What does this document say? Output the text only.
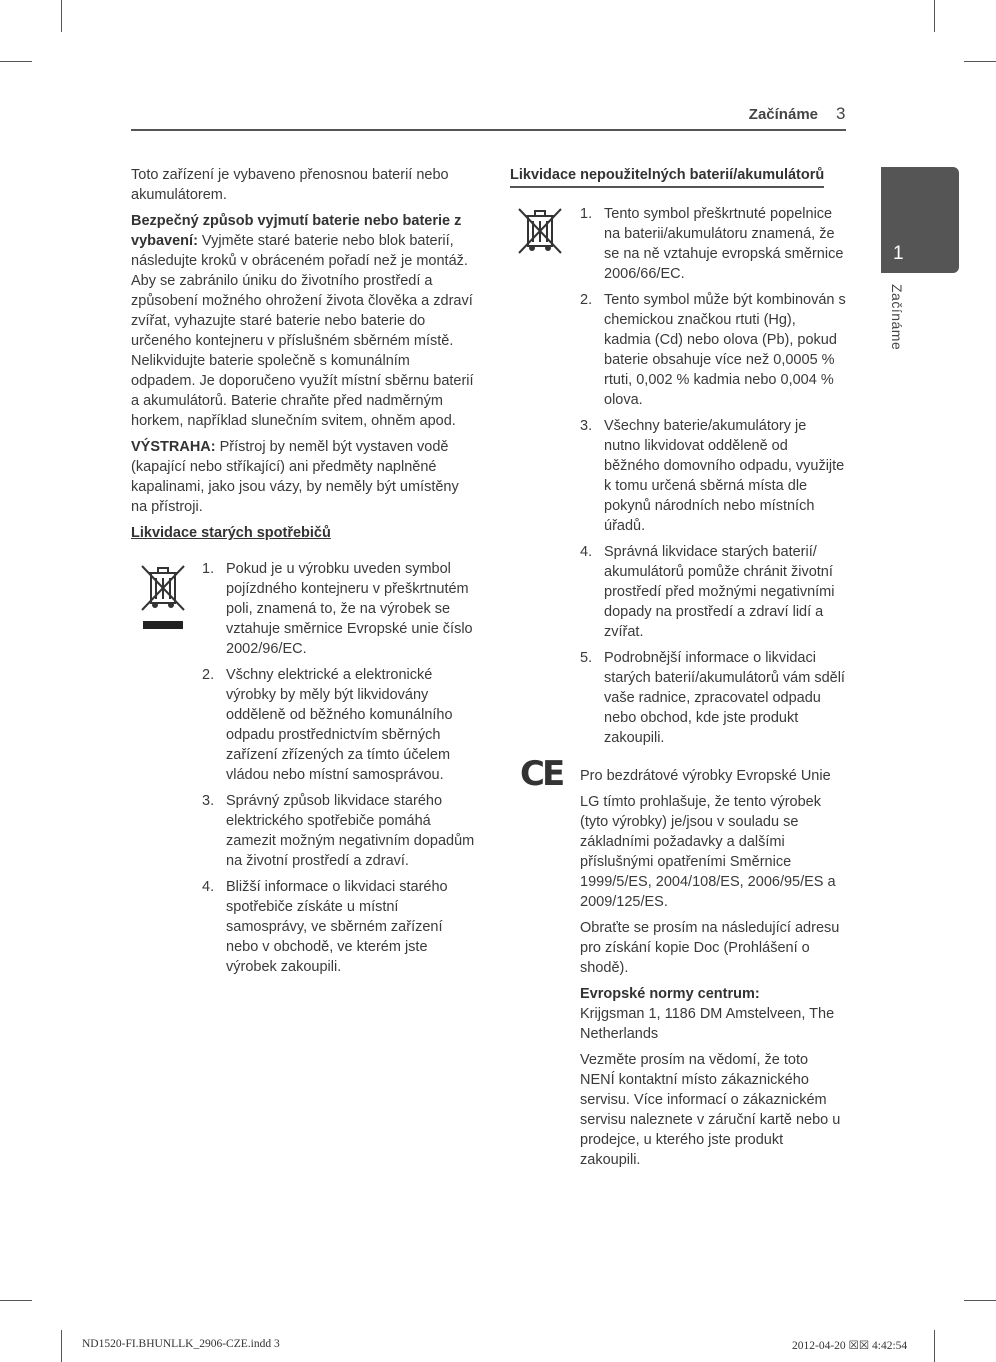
Začínáme 3
1
Začínáme

Toto zařízení je vybaveno přenosnou baterií nebo akumulátorem.

Bezpečný způsob vyjmutí baterie nebo baterie z vybavení: Vyjměte staré baterie nebo blok baterií, následujte kroků v obráceném pořadí než je montáž. Aby se zabránilo úniku do životního prostředí a způsobení možného ohrožení života člověka a zdraví zvířat, vyhazujte staré baterie nebo baterie do určeného kontejneru v příslušném sběrném místě. Nelikvidujte baterie společně s komunálním odpadem. Je doporučeno využít místní sběrnu baterií a akumulátorů. Baterie chraňte před nadměrným horkem, například slunečním svitem, ohněm apod.

VÝSTRAHA: Přístroj by neměl být vystaven vodě (kapající nebo stříkající) ani předměty naplněné kapalinami, jako jsou vázy, by neměly být umístěny na přístroji.

Likvidace starých spotřebičů
1. Pokud je u výrobku uveden symbol pojízdného kontejneru v přeškrtnutém poli, znamená to, že na výrobek se vztahuje směrnice Evropské unie číslo 2002/96/EC.
2. Všchny elektrické a elektronické výrobky by měly být likvidovány odděleně od běžného komunálního odpadu prostřednictvím sběrných zařízení zřízených za tímto účelem vládou nebo místní samosprávou.
3. Správný způsob likvidace starého elektrického spotřebiče pomáhá zamezit možným negativním dopadům na životní prostředí a zdraví.
4. Bližší informace o likvidaci starého spotřebiče získáte u místní samosprávy, ve sběrném zařízení nebo v obchodě, ve kterém jste výrobek zakoupili.
Likvidace nepoužitelných baterií/akumulátorů
1. Tento symbol přeškrtnuté popelnice na baterii/akumulátoru znamená, že se na ně vztahuje evropská směrnice 2006/66/EC.
2. Tento symbol může být kombinován s chemickou značkou rtuti (Hg), kadmia (Cd) nebo olova (Pb), pokud baterie obsahuje více než 0,0005 % rtuti, 0,002 % kadmia nebo 0,004 % olova.
3. Všechny baterie/akumulátory je nutno likvidovat odděleně od běžného domovního odpadu, využijte k tomu určená sběrná místa dle pokynů národních nebo místních úřadů.
4. Správná likvidace starých baterií/ akumulátorů pomůže chránit životní prostředí před možnými negativními dopady na prostředí a zdraví lidí a zvířat.
5. Podrobnější informace o likvidaci starých baterií/akumulátorů vám sdělí vaše radnice, zpracovatel odpadu nebo obchod, kde jste produkt zakoupili.
CE Pro bezdrátové výrobky Evropské Unie

LG tímto prohlašuje, že tento výrobek (tyto výrobky) je/jsou v souladu se základními požadavky a dalšími příslušnými opatřeními Směrnice 1999/5/ES, 2004/108/ES, 2006/95/ES a 2009/125/ES.

Obraťte se prosím na následující adresu pro získání kopie Doc (Prohlášení o shodě).

Evropské normy centrum:
Krijgsman 1, 1186 DM Amstelveen, The Netherlands

Vezměte prosím na vědomí, že toto NENÍ kontaktní místo zákaznického servisu. Více informací o zákaznickém servisu naleznete v záruční kartě nebo u prodejce, u kterého jste produkt zakoupili.

ND1520-FI.BHUNLLK_2906-CZE.indd 3	2012-04-20 ☒☒ 4:42:54
